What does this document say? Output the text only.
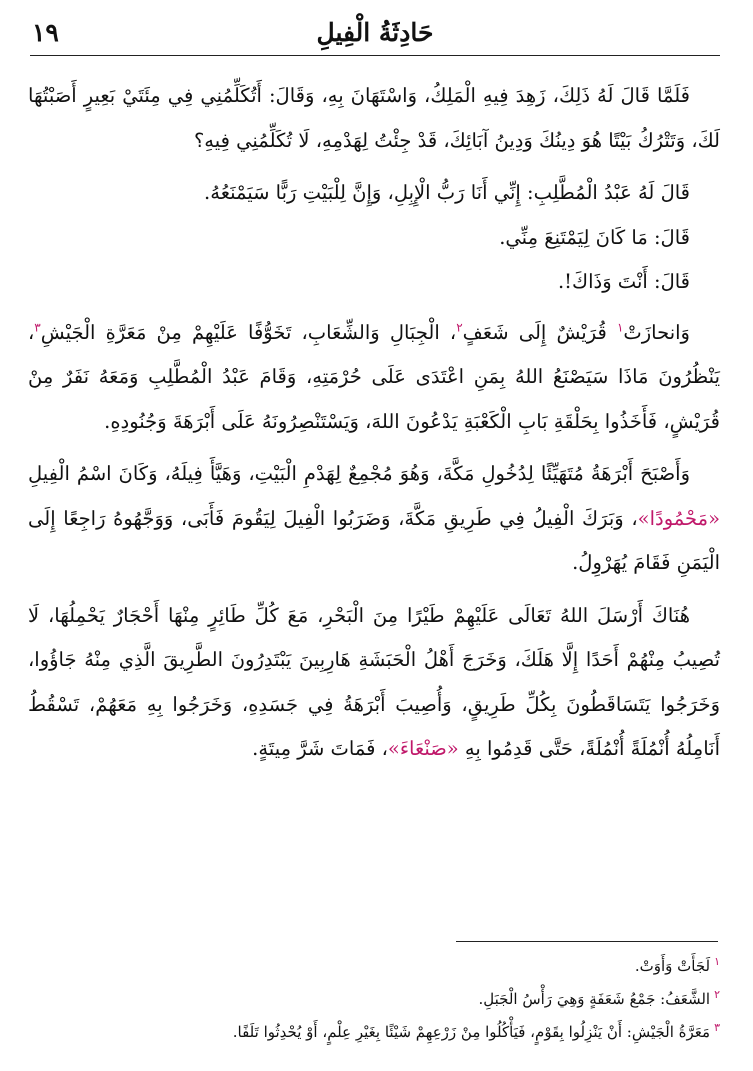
حَادِثَةُ الْفِيلِ
١٩

فَلَمَّا قَالَ لَهُ ذَلِكَ، زَهِدَ فِيهِ الْمَلِكُ، وَاسْتَهَانَ بِهِ، وَقَالَ: أَتُكَلِّمُنِي فِي مِئَتَيْ بَعِيرٍ أَصَبْتُهَا لَكَ، وَتَتْرُكُ بَيْتًا هُوَ دِينُكَ وَدِينُ آبَائِكَ، قَدْ جِئْتُ لِهَدْمِهِ، لَا تُكَلِّمُنِي فِيهِ؟

قَالَ لَهُ عَبْدُ الْمُطَّلِبِ: إِنِّي أَنَا رَبُّ الْإِبِلِ، وَإِنَّ لِلْبَيْتِ رَبًّا سَيَمْنَعُهُ.

قَالَ: مَا كَانَ لِيَمْتَنِعَ مِنِّي.

قَالَ: أَنْتَ وَذَاكَ!.

وَانحازَتْ$^١$ قُرَيْشٌ إِلَى شَعَفٍ$^٢$، الْجِبَالِ وَالشِّعَابِ، تَخَوُّفًا عَلَيْهِمْ مِنْ مَعَرَّةِ الْجَيْشِ$^٣$، يَنْظُرُونَ مَاذَا سَيَصْنَعُ اللهُ بِمَنِ اعْتَدَى عَلَى حُرْمَتِهِ، وَقَامَ عَبْدُ الْمُطَّلِبِ وَمَعَهُ نَفَرٌ مِنْ قُرَيْشٍ، فَأَخَذُوا بِحَلْقَةِ بَابِ الْكَعْبَةِ يَدْعُونَ اللهَ، وَيَسْتَنْصِرُونَهُ عَلَى أَبْرَهَةَ وَجُنُودِهِ.

وَأَصْبَحَ أَبْرَهَةُ مُتَهَيِّئًا لِدُخُولِ مَكَّةَ، وَهُوَ مُجْمِعٌ لِهَدْمِ الْبَيْتِ، وَهَيَّأَ فِيلَهُ، وَكَانَ اسْمُ الْفِيلِ «مَحْمُودًا»، وَبَرَكَ الْفِيلُ فِي طَرِيقِ مَكَّةَ، وَضَرَبُوا الْفِيلَ لِيَقُومَ فَأَبَى، وَوَجَّهُوهُ رَاجِعًا إِلَى الْيَمَنِ فَقَامَ يُهَرْوِلُ.

هُنَاكَ أَرْسَلَ اللهُ تَعَالَى عَلَيْهِمْ طَيْرًا مِنَ الْبَحْرِ، مَعَ كُلِّ طَائِرٍ مِنْهَا أَحْجَارٌ يَحْمِلُهَا، لَا تُصِيبُ مِنْهُمْ أَحَدًا إِلَّا هَلَكَ، وَخَرَجَ أَهْلُ الْحَبَشَةِ هَارِبِينَ يَبْتَدِرُونَ الطَّرِيقَ الَّذِي مِنْهُ جَاؤُوا، وَخَرَجُوا يَتَسَاقَطُونَ بِكُلِّ طَرِيقٍ، وَأُصِيبَ أَبْرَهَةُ فِي جَسَدِهِ، وَخَرَجُوا بِهِ مَعَهُمْ، تَسْقُطُ أَنَامِلُهُ أُنْمُلَةً أُنْمُلَةً، حَتَّى قَدِمُوا بِهِ «صَنْعَاءَ»، فَمَاتَ شَرَّ مِيتَةٍ.

$^١$لَجَأَتْ وَأَوَتْ.

$^٢$الشَّعَفُ: جَمْعُ شَعَفَةٍ وَهِيَ رَأْسُ الْجَبَلِ.

$^٣$مَعَرَّةُ الْجَيْشِ: أَنْ يَنْزِلُوا بِقَوْمٍ، فَيَأْكُلُوا مِنْ زَرْعِهِمْ شَيْئًا بِغَيْرِ عِلْمٍ، أَوْ يُحْدِثُوا تَلَفًا.
